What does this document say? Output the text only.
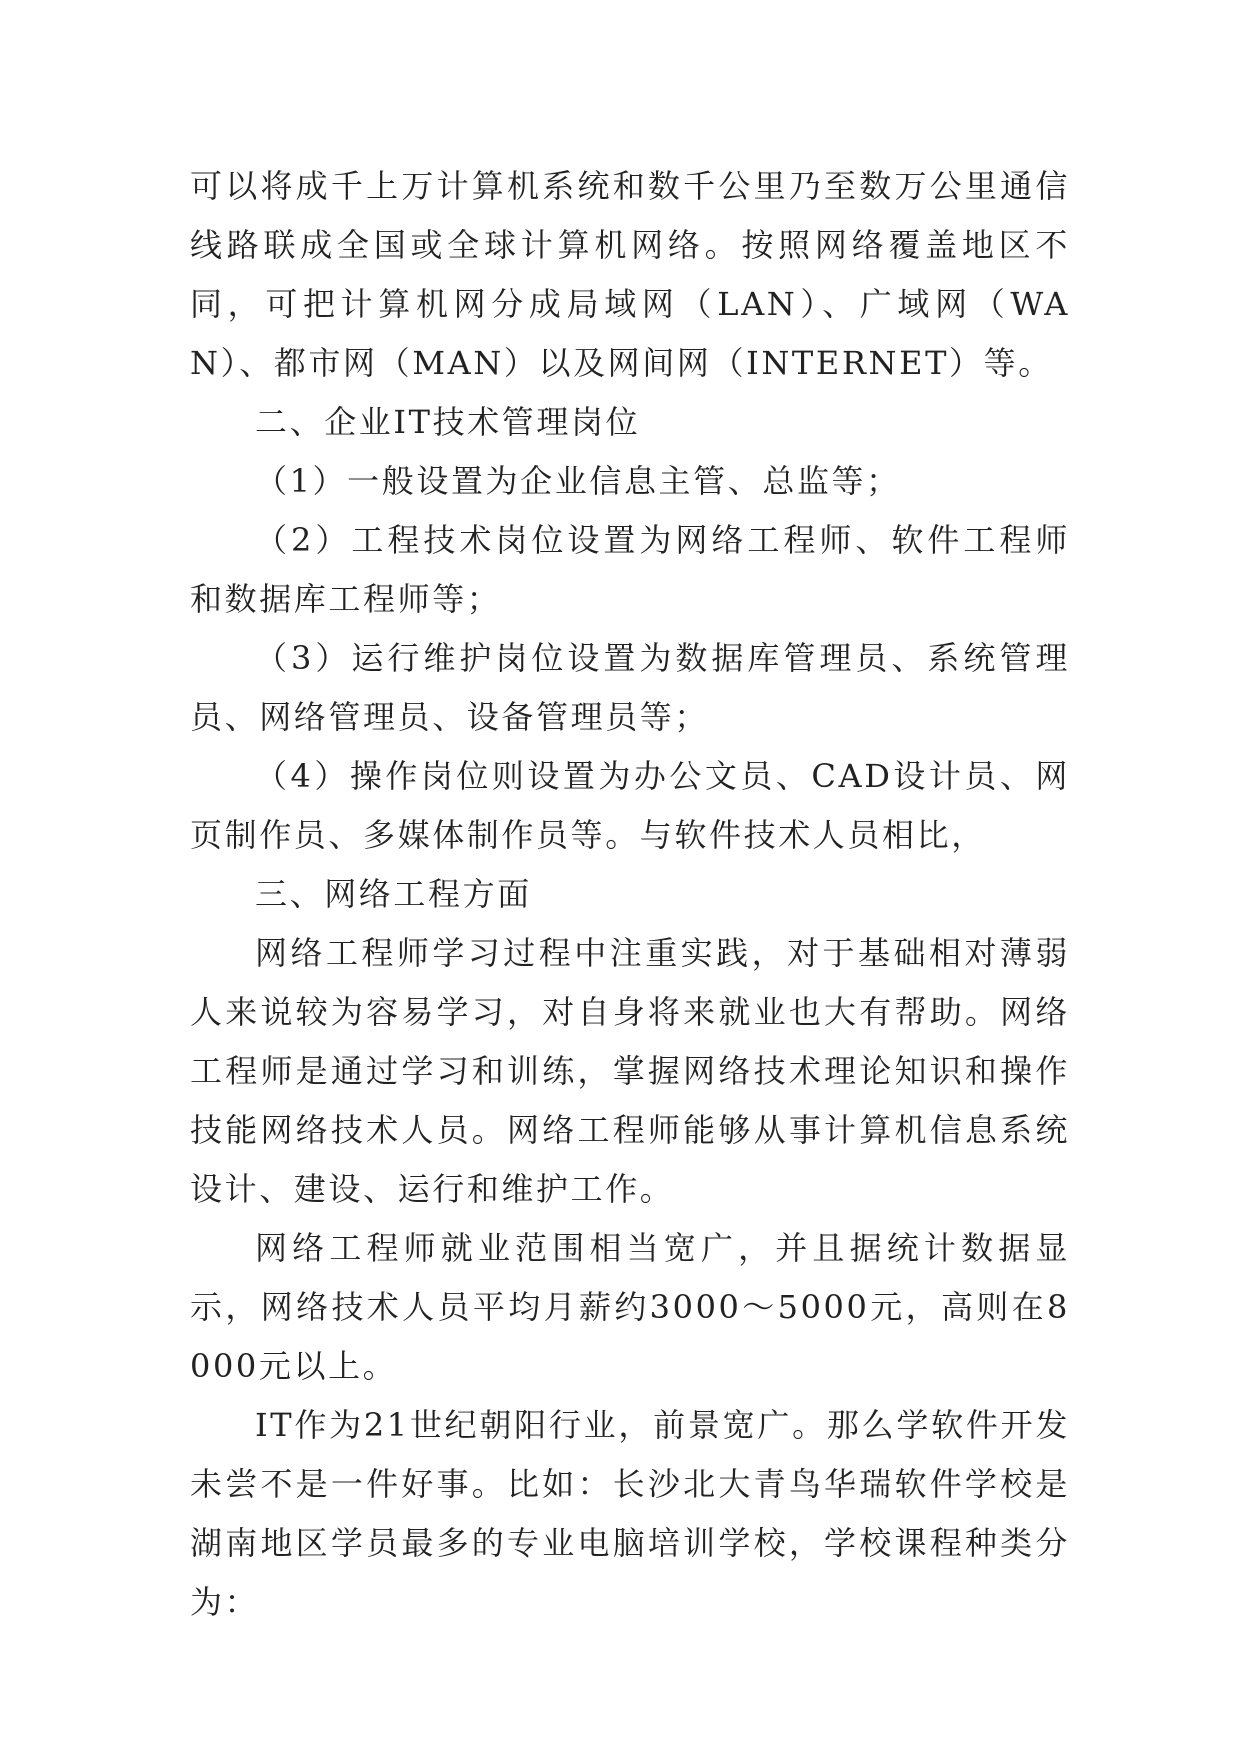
可以将成千上万计算机系统和数千公里乃至数万公里通信线路联成全国或全球计算机网络。按照网络覆盖地区不同，可把计算机网分成局域网（LAN）、广域网（WAN）、都市网（MAN）以及网间网（INTERNET）等。

二、企业IT技术管理岗位

（1）一般设置为企业信息主管、总监等；

（2）工程技术岗位设置为网络工程师、软件工程师和数据库工程师等；

（3）运行维护岗位设置为数据库管理员、系统管理员、网络管理员、设备管理员等；

（4）操作岗位则设置为办公文员、CAD设计员、网页制作员、多媒体制作员等。与软件技术人员相比，

三、网络工程方面

网络工程师学习过程中注重实践，对于基础相对薄弱人来说较为容易学习，对自身将来就业也大有帮助。网络工程师是通过学习和训练，掌握网络技术理论知识和操作技能网络技术人员。网络工程师能够从事计算机信息系统设计、建设、运行和维护工作。

网络工程师就业范围相当宽广，并且据统计数据显示，网络技术人员平均月薪约3000～5000元，高则在8000元以上。

IT作为21世纪朝阳行业，前景宽广。那么学软件开发未尝不是一件好事。比如：长沙北大青鸟华瑞软件学校是湖南地区学员最多的专业电脑培训学校，学校课程种类分为：
